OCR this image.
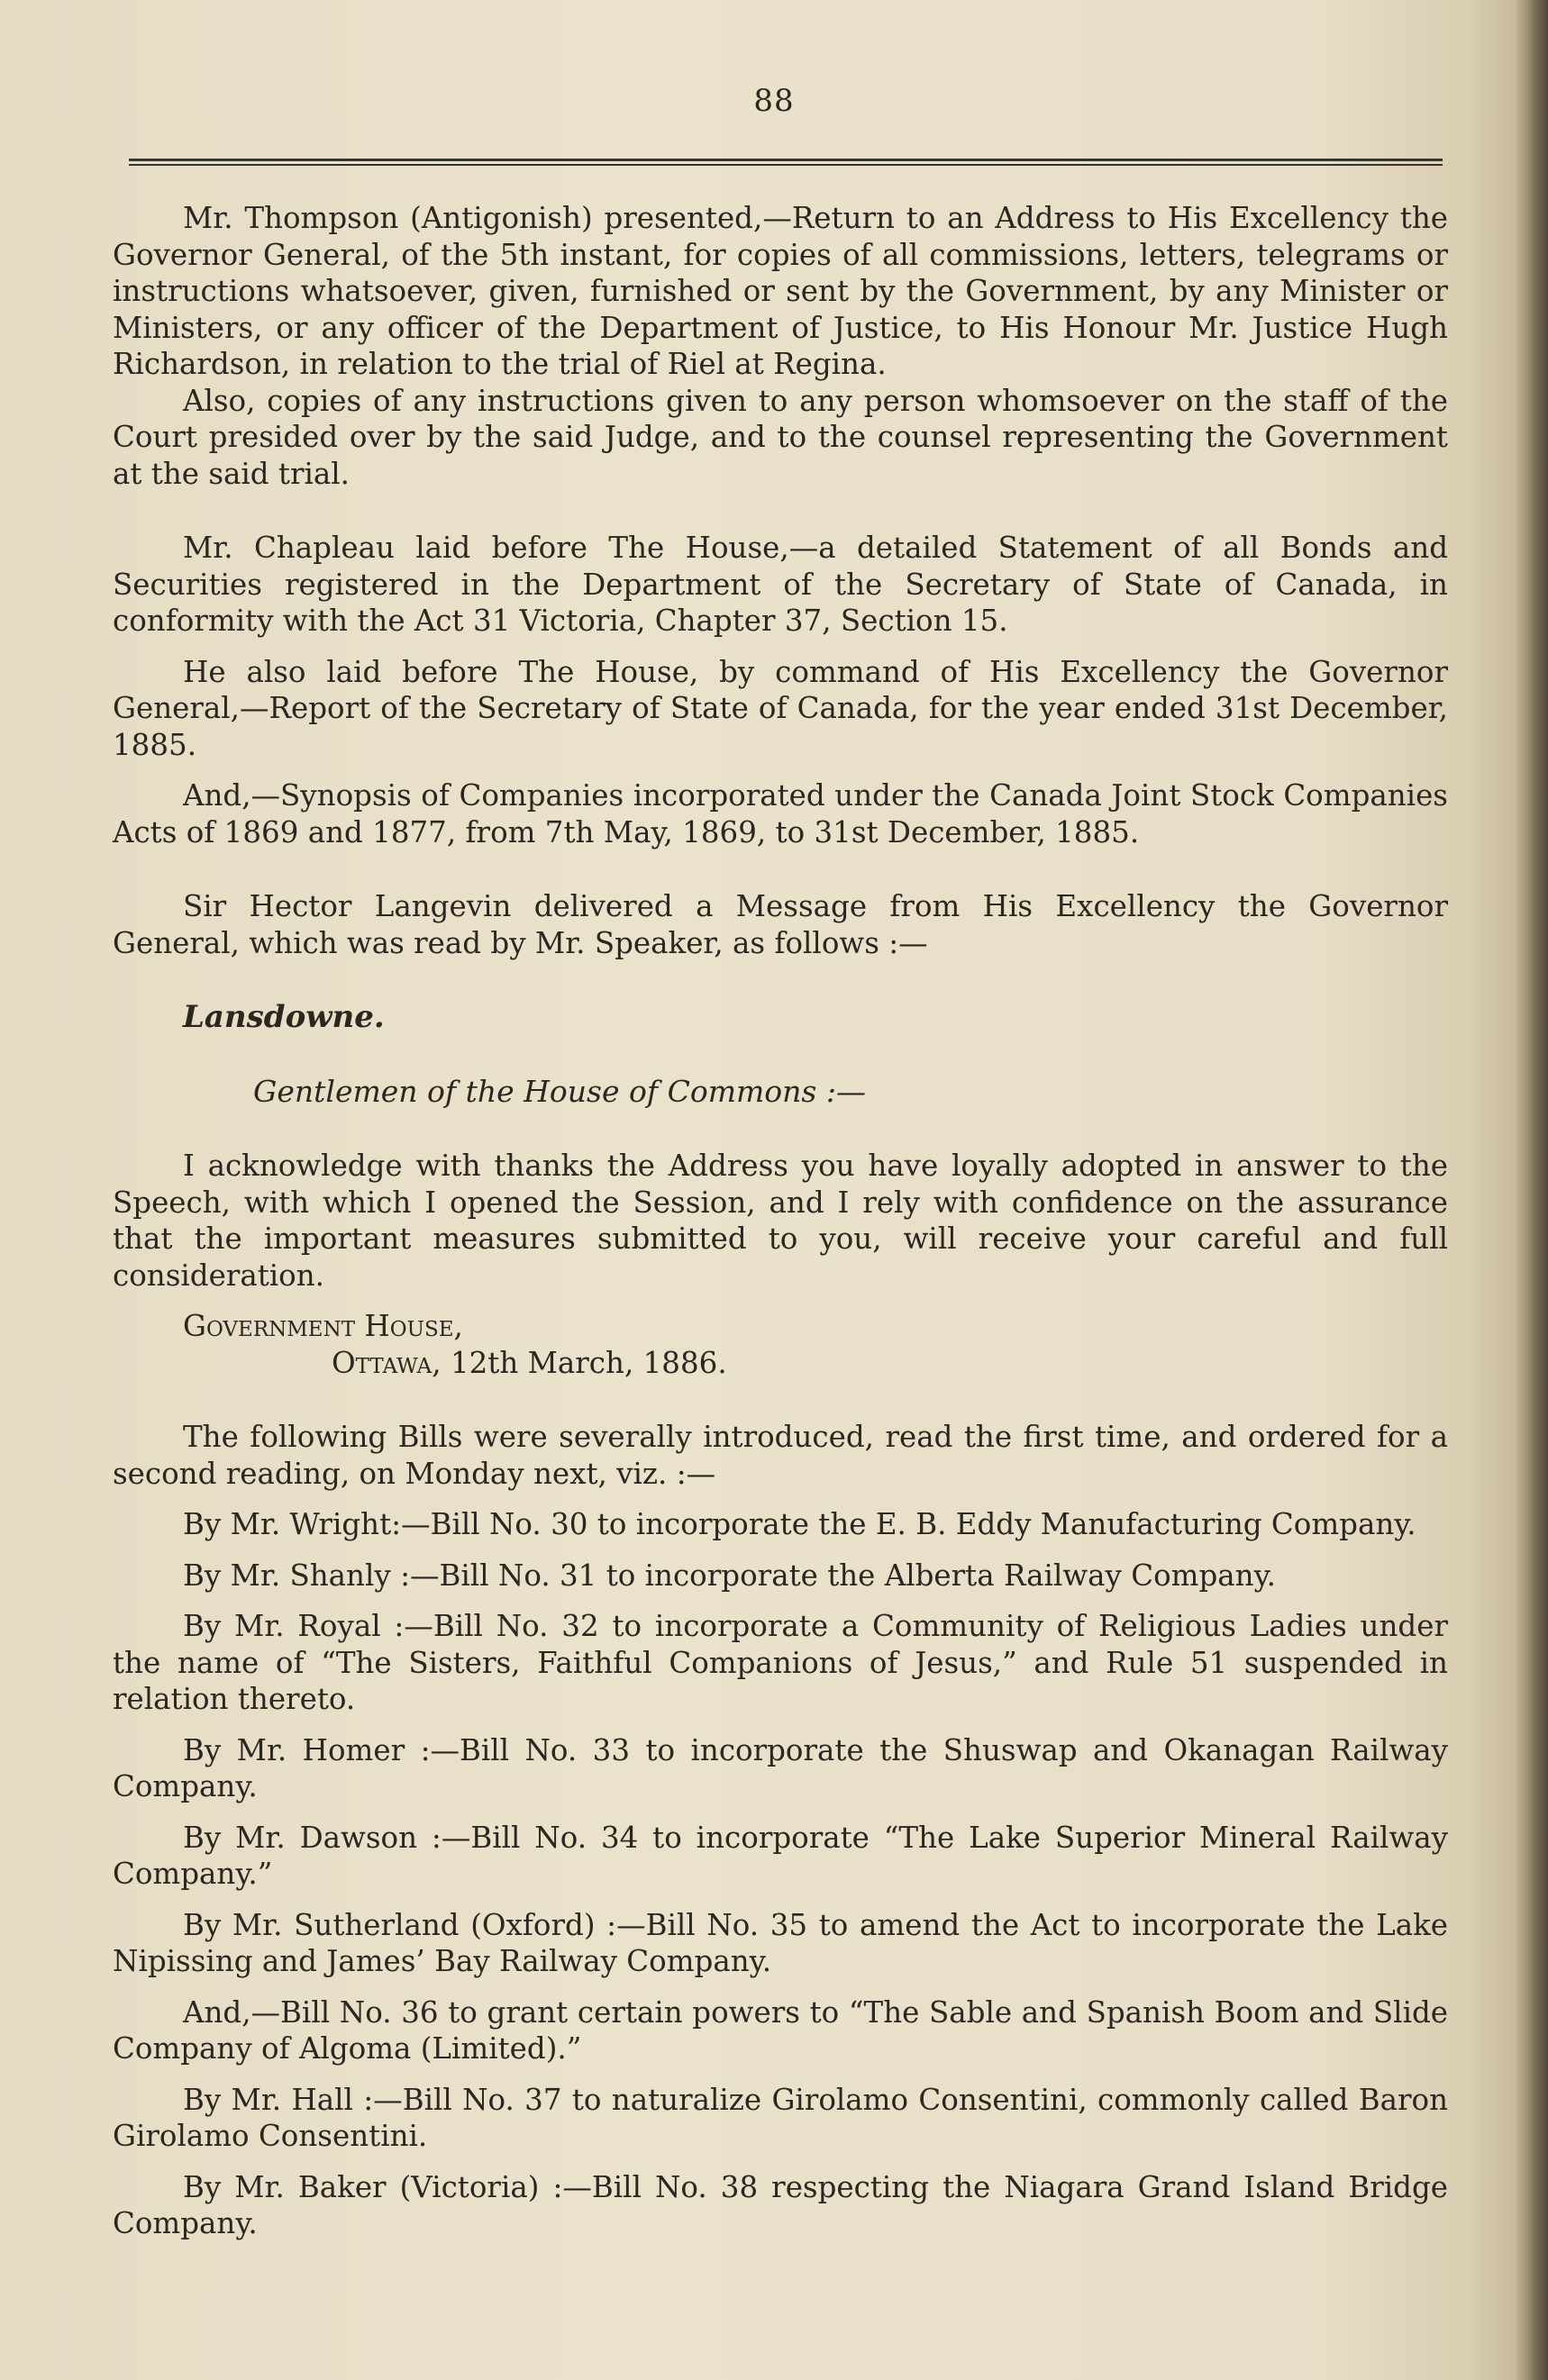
88

Mr. Thompson (Antigonish) presented,—Return to an Address to His Excellency the Governor General, of the 5th instant, for copies of all commissions, letters, telegrams or instructions whatsoever, given, furnished or sent by the Government, by any Minister or Ministers, or any officer of the Department of Justice, to His Honour Mr. Justice Hugh Richardson, in relation to the trial of Riel at Regina.

Also, copies of any instructions given to any person whomsoever on the staff of the Court presided over by the said Judge, and to the counsel representing the Government at the said trial.

Mr. Chapleau laid before The House,—a detailed Statement of all Bonds and Securities registered in the Department of the Secretary of State of Canada, in conformity with the Act 31 Victoria, Chapter 37, Section 15.

He also laid before The House, by command of His Excellency the Governor General,—Report of the Secretary of State of Canada, for the year ended 31st December, 1885.

And,—Synopsis of Companies incorporated under the Canada Joint Stock Companies Acts of 1869 and 1877, from 7th May, 1869, to 31st December, 1885.

Sir Hector Langevin delivered a Message from His Excellency the Governor General, which was read by Mr. Speaker, as follows :—

Lansdowne.

Gentlemen of the House of Commons :—

I acknowledge with thanks the Address you have loyally adopted in answer to the Speech, with which I opened the Session, and I rely with confidence on the assurance that the important measures submitted to you, will receive your careful and full consideration.

Government House,

Ottawa, 12th March, 1886.

The following Bills were severally introduced, read the first time, and ordered for a second reading, on Monday next, viz. :—

By Mr. Wright:—Bill No. 30 to incorporate the E. B. Eddy Manufacturing Company.

By Mr. Shanly :—Bill No. 31 to incorporate the Alberta Railway Company.

By Mr. Royal :—Bill No. 32 to incorporate a Community of Religious Ladies under the name of “The Sisters, Faithful Companions of Jesus,” and Rule 51 suspended in relation thereto.

By Mr. Homer :—Bill No. 33 to incorporate the Shuswap and Okanagan Railway Company.

By Mr. Dawson :—Bill No. 34 to incorporate “The Lake Superior Mineral Railway Company.”

By Mr. Sutherland (Oxford) :—Bill No. 35 to amend the Act to incorporate the Lake Nipissing and James’ Bay Railway Company.

And,—Bill No. 36 to grant certain powers to “The Sable and Spanish Boom and Slide Company of Algoma (Limited).”

By Mr. Hall :—Bill No. 37 to naturalize Girolamo Consentini, commonly called Baron Girolamo Consentini.

By Mr. Baker (Victoria) :—Bill No. 38 respecting the Niagara Grand Island Bridge Company.
